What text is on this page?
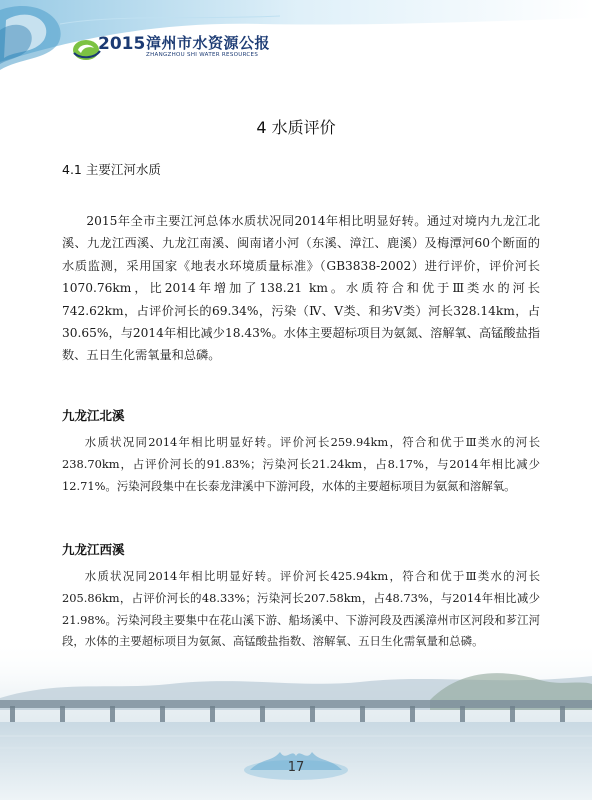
2015 漳州市水资源公报
ZHANGZHOU SHI WATER RESOURCES
4 水质评价
4.1 主要江河水质

2015年全市主要江河总体水质状况同2014年相比明显好转。通过对境内九龙江北溪、九龙江西溪、九龙江南溪、闽南诸小河（东溪、漳江、鹿溪）及梅潭河60个断面的水质监测，采用国家《地表水环境质量标准》（GB3838-2002）进行评价，评价河长1070.76km，比2014年增加了138.21 km。水质符合和优于Ⅲ类水的河长742.62km，占评价河长的69.34%，污染（Ⅳ、Ⅴ类、和劣Ⅴ类）河长328.14km，占30.65%，与2014年相比减少18.43%。水体主要超标项目为氨氮、溶解氧、高锰酸盐指数、五日生化需氧量和总磷。

九龙江北溪

水质状况同2014年相比明显好转。评价河长259.94km，符合和优于Ⅲ类水的河长238.70km，占评价河长的91.83%；污染河长21.24km，占8.17%，与2014年相比减少12.71%。污染河段集中在长泰龙津溪中下游河段，水体的主要超标项目为氨氮和溶解氧。

九龙江西溪

水质状况同2014年相比明显好转。评价河长425.94km，符合和优于Ⅲ类水的河长205.86km，占评价河长的48.33%；污染河长207.58km，占48.73%，与2014年相比减少21.98%。污染河段主要集中在花山溪下游、船场溪中、下游河段及西溪漳州市区河段和芗江河

17
